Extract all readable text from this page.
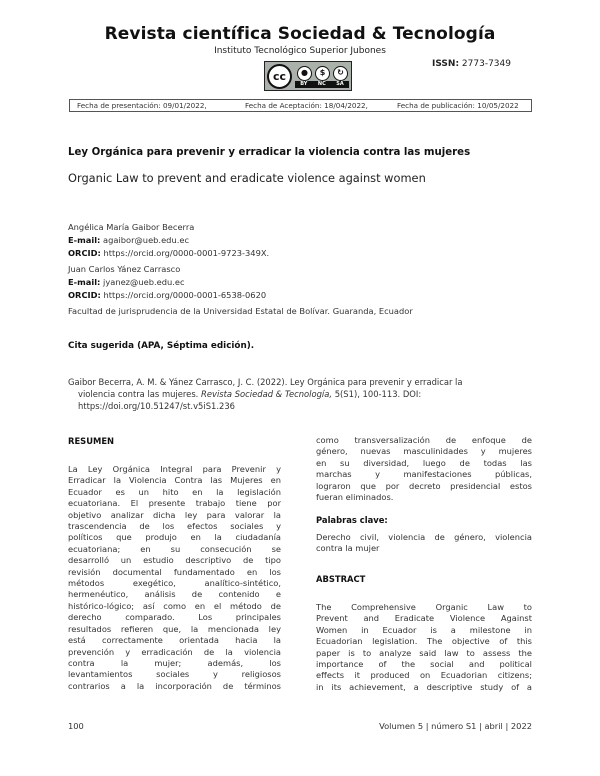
Revista científica Sociedad & Tecnología
Instituto Tecnológico Superior Jubones
cc	●	$	↻
BY NC SA
ISSN: 2773-7349
Fecha de presentación: 09/01/2022,	Fecha de Aceptación: 18/04/2022,	Fecha de publicación: 10/05/2022
Ley Orgánica para prevenir y erradicar la violencia contra las mujeres
Organic Law to prevent and eradicate violence against women
Angélica María Gaibor Becerra
E-mail: agaibor@ueb.edu.ec
ORCID: https://orcid.org/0000-0001-9723-349X.
Juan Carlos Yánez Carrasco
E-mail: jyanez@ueb.edu.ec
ORCID: https://orcid.org/0000-0001-6538-0620
Facultad de jurisprudencia de la Universidad Estatal de Bolívar. Guaranda, Ecuador
Cita sugerida (APA, Séptima edición).

Gaibor Becerra, A. M. & Yánez Carrasco, J. C. (2022). Ley Orgánica para prevenir y erradicar la

violencia contra las mujeres. Revista Sociedad & Tecnología, 5(S1), 100-113. DOI:

https://doi.org/10.51247/st.v5iS1.236

RESUMEN

La Ley Orgánica Integral para Prevenir y

Erradicar la Violencia Contra las Mujeres en

Ecuador es un hito en la legislación

ecuatoriana. El presente trabajo tiene por

objetivo analizar dicha ley para valorar la

trascendencia de los efectos sociales y

políticos que produjo en la ciudadanía

ecuatoriana; en su consecución se

desarrolló un estudio descriptivo de tipo

revisión documental fundamentado en los

métodos exegético, analítico-sintético,

hermenéutico, análisis de contenido e

histórico-lógico; así como en el método de

derecho comparado. Los principales

resultados refieren que, la mencionada ley

está correctamente orientada hacia la

prevención y erradicación de la violencia

contra la mujer; además, los

levantamientos sociales y religiosos

contrarios a la incorporación de términos

como transversalización de enfoque de

género, nuevas masculinidades y mujeres

en su diversidad, luego de todas las

marchas y manifestaciones públicas,

lograron que por decreto presidencial estos

fueran eliminados.

Palabras clave:

Derecho civil, violencia de género, violencia

contra la mujer

ABSTRACT

The Comprehensive Organic Law to

Prevent and Eradicate Violence Against

Women in Ecuador is a milestone in

Ecuadorian legislation. The objective of this

paper is to analyze said law to assess the

importance of the social and political

effects it produced on Ecuadorian citizens;

in its achievement, a descriptive study of a

100	Volumen 5 | número S1 | abril | 2022
